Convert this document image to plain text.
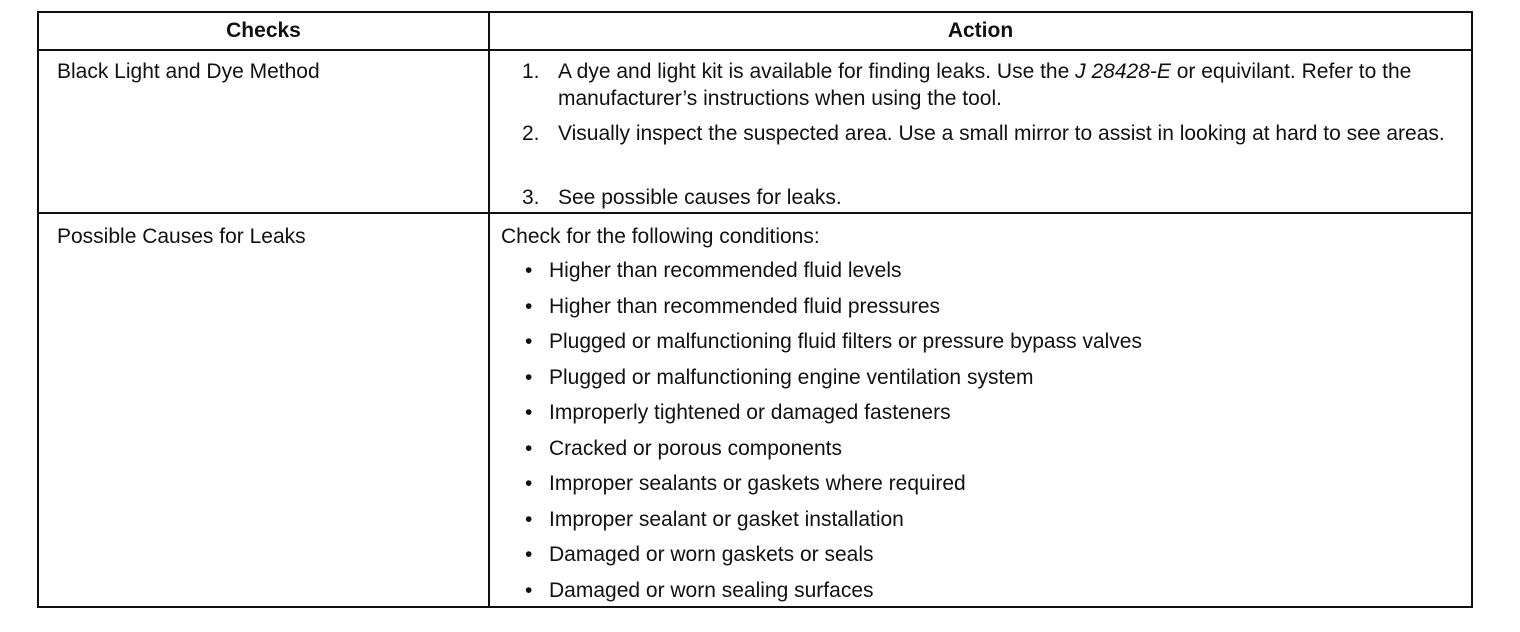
Checks	Action
Black Light and Dye Method	1. A dye and light kit is available for finding leaks. Use the J 28428-E or equivilant. Refer to the manufacturer’s instructions when using the tool.
2. Visually inspect the suspected area. Use a small mirror to assist in looking at hard to see areas.
3. See possible causes for leaks.
Possible Causes for Leaks	Check for the following conditions:
• Higher than recommended fluid levels
• Higher than recommended fluid pressures
• Plugged or malfunctioning fluid filters or pressure bypass valves
• Plugged or malfunctioning engine ventilation system
• Improperly tightened or damaged fasteners
• Cracked or porous components
• Improper sealants or gaskets where required
• Improper sealant or gasket installation
• Damaged or worn gaskets or seals
• Damaged or worn sealing surfaces
